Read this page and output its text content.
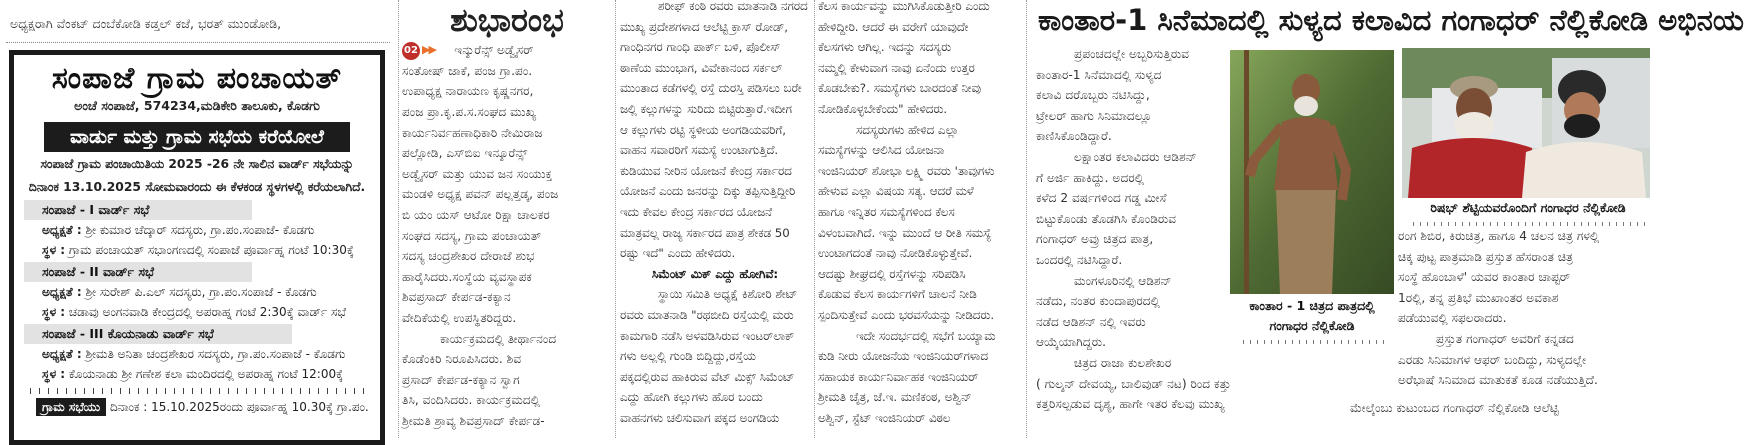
ಅಧ್ಯಕ್ಷರಾಗಿ ವೆಂಕಟ್ ದಂಬೆಕೋಡಿ ಕಡ್ತಲ್ ಕಜೆ, ಭರತ್ ಮುಂಡೋಡಿ,
ಸಂಪಾಜೆ ಗ್ರಾಮ ಪಂಚಾಯತ್
ಅಂಚೆ ಸಂಪಾಜೆ, 574234,ಮಡಿಕೇರಿ ತಾಲೂಕು, ಕೊಡಗು
ವಾರ್ಡು ಮತ್ತು ಗ್ರಾಮ ಸಭೆಯ ಕರೆಯೋಲೆ
ಸಂಪಾಜೆ ಗ್ರಾಮ ಪಂಚಾಯಿತಿಯ 2025 -26 ನೇ ಸಾಲಿನ ವಾರ್ಡ್ ಸಭೆಯನ್ನು
ದಿನಾಂಕ 13.10.2025 ಸೋಮವಾರಂದು ಈ ಕೆಳಕಂಡ ಸ್ಥಳಗಳಲ್ಲಿ ಕರೆಯಲಾಗಿದೆ.
ಸಂಪಾಜೆ - I ವಾರ್ಡ್ ಸಭೆ
ಅಧ್ಯಕ್ಷತೆ : ಶ್ರೀ ಕುಮಾರ ಚೆದ್ಕಾರ್ ಸದಸ್ಯರು, ಗ್ರಾ.ಪಂ.ಸಂಪಾಜೆ- ಕೊಡಗು
ಸ್ಥಳ : ಗ್ರಾಮ ಪಂಚಾಯತ್ ಸಭಾಂಗಣದಲ್ಲಿ ಸಂಪಾಜೆ ಪೂರ್ವಾಹ್ನ ಗಂಟೆ 10:30ಕ್ಕೆ
ಸಂಪಾಜೆ - II ವಾರ್ಡ್ ಸಭೆ
ಅಧ್ಯಕ್ಷತೆ : ಶ್ರೀ ಸುರೇಶ್ ಪಿ.ಎಲ್ ಸದಸ್ಯರು, ಗ್ರಾ.ಪಂ.ಸಂಪಾಜೆ - ಕೊಡಗು
ಸ್ಥಳ : ಚಡಾವು ಅಂಗನವಾಡಿ ಕೇಂದ್ರದಲ್ಲಿ ಅಪರಾಹ್ನ ಗಂಟೆ 2:30ಕ್ಕೆ ವಾರ್ಡ್ ಸಭೆ
ಸಂಪಾಜೆ - III ಕೊಯನಾಡು ವಾರ್ಡ್ ಸಭೆ
ಅಧ್ಯಕ್ಷತೆ : ಶ್ರೀಮತಿ ಅನಿತಾ ಚಂದ್ರಶೇಖರ ಸದಸ್ಯರು, ಗ್ರಾ.ಪಂ.ಸಂಪಾಜೆ - ಕೊಡಗು
ಸ್ಥಳ : ಕೊಯನಾಡು ಶ್ರೀ ಗಣೇಶ ಕಲಾ ಮಂದಿರದಲ್ಲಿ ಅಪರಾಹ್ನ ಗಂಟೆ 12:00ಕ್ಕೆ
ಗ್ರಾಮ ಸಭೆಯು ದಿನಾಂಕ : 15.10.2025ರಂದು ಪೂರ್ವಾಹ್ನ 10.30ಕ್ಕೆ ಗ್ರಾ.ಪಂ.
ಶುಭಾರಂಭ
02 ▶▶ ಇನ್ಶುರೆನ್ಸ್ ಅಡ್ವೈಸರ್
ಸಂತೋಷ್ ಜಾಕೆ, ಪಂಜ ಗ್ರಾ.ಪಂ.
ಉಪಾಧ್ಯಕ್ಷ ನಾರಾಯಣ ಕೃಷ್ಣನಗರ,
ಪಂಜ ಪ್ರಾ.ಕೃ.ಪ.ಸ.ಸಂಘದ ಮುಖ್ಯ
ಕಾರ್ಯನಿರ್ವಹಣಾಧಿಕಾರಿ ನೇಮಿರಾಜ
ಪಲ್ಲೋಡಿ, ಎಸ್‌ಬಿಐ ಇನ್ಶೂರೆನ್ಸ್
ಅಡ್ವೈಸರ್ ಮತ್ತು ಯುವ ಜನ ಸಂಯುಕ್ತ
ಮಂಡಳಿ ಅಧ್ಯಕ್ಷ ಪವನ್ ಪಲ್ಲತ್ತಡ್ಕ, ಪಂಜ
ಬಿ ಯಂ ಯಸ್ ಆಟೋ ರಿಕ್ಷಾ ಚಾಲಕರ
ಸಂಘದ ಸದಸ್ಯ, ಗ್ರಾಮ ಪಂಚಾಯತ್
ಸದಸ್ಯ ಚಂದ್ರಶೇಖರ ದೇರಾಜೆ ಶುಭ
ಹಾರೈಸಿದರು.ಸಂಸ್ಥೆಯ ವ್ಯವಸ್ಥಾಪಕ
ಶಿವಪ್ರಸಾದ್ ಕೇರ್ಪಡ-ಕಕ್ಯಾನ
ವೇದಿಕೆಯಲ್ಲಿ ಉಪಸ್ಥಿತರಿದ್ದರು.
ಕಾರ್ಯಕ್ರಮದಲ್ಲಿ ತೀರ್ಥಾನಂದ
ಕೊಡೆಂಕಿರಿ ನಿರೂಪಿಸಿದರು. ಶಿವ
ಪ್ರಸಾದ್ ಕೇರ್ಪಡ-ಕಕ್ಯಾನ ಸ್ವಾಗ
ತಿಸಿ, ವಂದಿಸಿದರು. ಕಾರ್ಯಕ್ರಮದಲ್ಲಿ
ಶ್ರೀಮತಿ ಶ್ರಾವ್ಯ ಶಿವಪ್ರಸಾದ್ ಕೇರ್ಪಡ-
ಶರೀಫ್ ಕಂಠಿ ರವರು ಮಾತನಾಡಿ ನಗರದ
ಮುಖ್ಯ ಪ್ರದೇಶಗಳಾದ ಆಲೆಟ್ಟಿ ಕ್ರಾಸ್ ರೋಡ್,
ಗಾಂಧಿನಗರ ಗಾಂಧಿ ಪಾರ್ಕ್ ಬಳಿ, ಪೊಲೀಸ್
ಠಾಣೆಯ ಮುಂಭಾಗ, ವಿವೇಕಾನಂದ ಸರ್ಕಲ್
ಮುಂತಾದ ಕಡೆಗಳಲ್ಲಿ ರಸ್ತೆ ದುರಸ್ತಿ ಪಡಿಸಲು ಬರೇ
ಜಲ್ಲಿ ಕಲ್ಲುಗಳನ್ನು ಸುರಿದು ಬಿಟ್ಟಿರುತ್ತಾರೆ.ಇದೀಗ
ಆ ಕಲ್ಲುಗಳು ರಟ್ಟಿ ಸ್ಥಳೀಯ ಅಂಗಡಿಯವರಿಗೆ,
ವಾಹನ ಸವಾರರಿಗೆ ಸಮಸ್ಯೆ ಉಂಟಾಗುತ್ತಿದೆ.
ಕುಡಿಯುವ ನೀರಿನ ಯೋಜನೆ ಕೇಂದ್ರ ಸರ್ಕಾರದ
ಯೋಜನೆ ಎಂದು ಜನರನ್ನು ದಿಕ್ಕು ತಪ್ಪಿಸುತ್ತಿದ್ದೀರಿ
ಇದು ಕೇವಲ ಕೇಂದ್ರ ಸರ್ಕಾರದ ಯೋಜನೆ
ಮಾತ್ರವಲ್ಲ ರಾಜ್ಯ ಸರ್ಕಾರದ ಪಾತ್ರ ಶೇಕಡ 50
ರಷ್ಟು ಇದೆ" ಎಂದು ಹೇಳಿದರು.
ಸಿಮೆಂಟ್ ಮಿಕ್ ಎದ್ದು ಹೋಗಿವೆ:
ಸ್ಥಾಯಿ ಸಮಿತಿ ಅಧ್ಯಕ್ಷೆ ಕಿಶೋರಿ ಶೇಟ್
ರವರು ಮಾತನಾಡಿ "ರಥಬೀದಿ ರಸ್ತೆಯಲ್ಲಿ ಮರು
ಕಾಮಗಾರಿ ನಡೆಸಿ ಅಳವಡಿಸಿರುವ ಇಂಟರ್‌ಲಾಕ್
ಗಳು ಅಲ್ಲಲ್ಲಿ ಗುಂಡಿ ಬಿದ್ದಿದ್ದು,ರಸ್ತೆಯ
ಪಕ್ಕದಲ್ಲಿರುವ ಹಾಕಿರುವ ವೆಟ್ ಮಿಕ್ಸ್ ಸಿಮೆಂಟ್
ಎದ್ದು ಹೋಗಿ ಕಲ್ಲುಗಳು ಹೊರ ಬಂದು
ವಾಹನಗಳು ಚಲಿಸುವಾಗ ಪಕ್ಕದ ಅಂಗಡಿಯ
ಕೆಲಸ ಕಾರ್ಯವನ್ನು ಮುಗಿಸಿಕೊಡುತ್ತೀರಿ ಎಂದು
ಹೇಳಿದ್ದೀರಿ. ಆದರೆ ಈ ವರೇಗೆ ಯಾವುದೇ
ಕೆಲಸಗಳು ಆಗಿಲ್ಲ. ಇದನ್ನು ಸದಸ್ಯರು
ನಮ್ಮಲ್ಲಿ ಕೇಳುವಾಗ ನಾವು ಏನೆಂದು ಉತ್ತರ
ಕೊಡಬೇಕು?. ಸಮಸ್ಯೆಗಳು ಬಾರದಂತೆ ನೀವು
ನೋಡಿಕೊಳ್ಳಬೇಕೆಂದು" ಹೇಳಿದರು.
ಸದಸ್ಯರುಗಳು ಹೇಳಿದ ಎಲ್ಲಾ
ಸಮಸ್ಯೆಗಳನ್ನು ಆಲಿಸಿದ ಯೋಜನಾ
ಇಂಜಿನಿಯರ್ ಶೋಭಾ ಲಕ್ಷ್ಮಿ ರವರು 'ತಾವುಗಳು
ಹೇಳುವ ಎಲ್ಲಾ ವಿಷಯ ಸತ್ಯ. ಆದರೆ ಮಳೆ
ಹಾಗೂ ಇನ್ನಿತರ ಸಮಸ್ಯೆಗಳಿಂದ ಕೆಲಸ
ವಿಳಂಬವಾಗಿದೆ. ಇನ್ನು ಮುಂದೆ ಆ ರೀತಿ ಸಮಸ್ಯೆ
ಉಂಟಾಗದಂತೆ ನಾವು ನೋಡಿಕೊಳ್ಳುತ್ತೇವೆ.
ಆದಷ್ಟು ಶೀಘ್ರದಲ್ಲಿ ರಸ್ತೆಗಳನ್ನು ಸರಿಪಡಿಸಿ
ಕೊಡುವ ಕೆಲಸ ಕಾರ್ಯಗಳಿಗೆ ಚಾಲನೆ ನೀಡಿ
ಸ್ಪಂದಿಸುತ್ತೇವೆ ಎಂದು ಭರವಸೆಯನ್ನು ನೀಡಿದರು.
ಇದೇ ಸಂದರ್ಭದಲ್ಲಿ ಸಭೆಗೆ ಬಯ್ಯಾಮ
ಕುಡಿ ನೀರು ಯೋಜನೆಯ ಇಂಜಿನಿಯರ್‌ಗಳಾದ
ಸಹಾಯಕ ಕಾರ್ಯನಿರ್ವಾಹಕ ಇಂಜಿನಿಯರ್
ಶ್ರೀಮತಿ ಚೈತ್ರ, ಜೆ.ಇ. ಮಣಿಕಂಠ, ಅಶ್ವಿನ್
ಅಶ್ವಿನ್, ಸ್ಟೆಟ್ ಇಂಜಿನಿಯರ್ ವಿಠಲ
ಕಾಂತಾರ-1 ಸಿನೆಮಾದಲ್ಲಿ ಸುಳ್ಯದ ಕಲಾವಿದ ಗಂಗಾಧರ್ ನೆಲ್ಲಿಕೋಡಿ ಅಭಿನಯ
ಪ್ರಪಂಚದಲ್ಲೇ ಅಬ್ಬರಿಸುತ್ತಿರುವ
ಕಾಂತಾರ-1 ಸಿನೆಮಾದಲ್ಲಿ ಸುಳ್ಯದ
ಕಲಾವಿ ದರೊಬ್ಬರು ನಟಿಸಿದ್ದು,
ಟ್ರೇಲರ್ ಹಾಗು ಸಿನಿಮಾದಲ್ಲೂ
ಕಾಣಿಸಿಕೊಂಡಿದ್ದಾರೆ.
ಲಕ್ಷಾಂತರ ಕಲಾವಿದರು ಆಡಿಶನ್
ಗೆ ಅರ್ಜಿ ಹಾಕಿದ್ದು. ಅದರಲ್ಲಿ
ಕಳೆದ 2 ವರ್ಷಗಳಿಂದ ಗಡ್ಡ ಮೀಸೆ
ಬಿಟ್ಟುಕೊಂಡು ತೊಡಗಿಸಿ ಕೊಂಡಿರುವ
ಗಂಗಾಧರ್ ಅವ್ರು ಚಿತ್ರದ ಪಾತ್ರ,
ಒಂದರಲ್ಲಿ ನಟಿಸಿದ್ದಾರೆ.
ಮಂಗಳೂರಿನಲ್ಲಿ ಆಡಿಶನ್
ನಡೆದು, ನಂತರ ಕುಂದಾಪುರದಲ್ಲಿ
ನಡೆದ ಆಡಿಶನ್ ನಲ್ಲಿ ಇವರು
ಆಯ್ಕೆಯಾಗಿದ್ದರು.
ಚಿತ್ರದ ರಾಜಾ ಕುಲಶೇಖರ
( ಗುಲ್ಶನ್ ದೇವಯ್ಯ, ಬಾಲಿವುಡ್ ನಟ) ರಿಂದ ಕತ್ತು
ಕತ್ತರಿಸಲ್ಪಡುವ ದೃಶ್ಯ, ಹಾಗೇ ಇತರ ಕೆಲವು ಮುಖ್ಯ
ಕಾಂತಾರ - 1 ಚಿತ್ರದ ಪಾತ್ರದಲ್ಲಿ
ಗಂಗಾಧರ ನೆಲ್ಲಿಕೋಡಿ
ರಿಷಭ್ ಶೆಟ್ಟಿಯವರೊಂದಿಗೆ ಗಂಗಾಧರ ನೆಲ್ಲಿಕೋಡಿ
ರಂಗ ಶಿಬಿರ, ಕಿರುಚಿತ್ರ, ಹಾಗೂ 4 ಚಲನ ಚಿತ್ರ ಗಳಲ್ಲಿ
ಚಿಕ್ಕ ಪುಟ್ಟ ಪಾತ್ರಮಾಡಿ ಪ್ರಸ್ತುತ ಹೆಸರಾಂತ ಚಿತ್ರ
ಸಂಸ್ಥೆ ಹೊಂಬಾಳೆ' ಯವರ ಕಾಂತಾರ ಚಾಪ್ಟರ್
1ರಲ್ಲಿ, ತನ್ನ ಪ್ರತಿಭೆ ಮುಖಾಂತರ ಅವಕಾಶ
ಪಡೆಯುವಲ್ಲಿ ಸಫಲರಾದರು.
ಪ್ರಸ್ತುತ ಗಂಗಾಧರ್ ಅವರಿಗೆ ಕನ್ನಡದ
ಎರಡು ಸಿನಿಮಾಗಳ ಆಫರ್ ಬಂದಿದ್ದು, ಸುಳ್ಯದಲ್ಲೇ
ಅರೆಭಾಷೆ ಸಿನಿಮಾದ ಮಾತುಕತೆ ಕೂಡ ನಡೆಯುತ್ತಿದೆ.
ಮೇಲ್ಕೆಂಬು ಕುಟುಂಬದ ಗಂಗಾಧರ್ ನೆಲ್ಲಿಕೋಡಿ ಆಲೆಟ್ಟಿ
